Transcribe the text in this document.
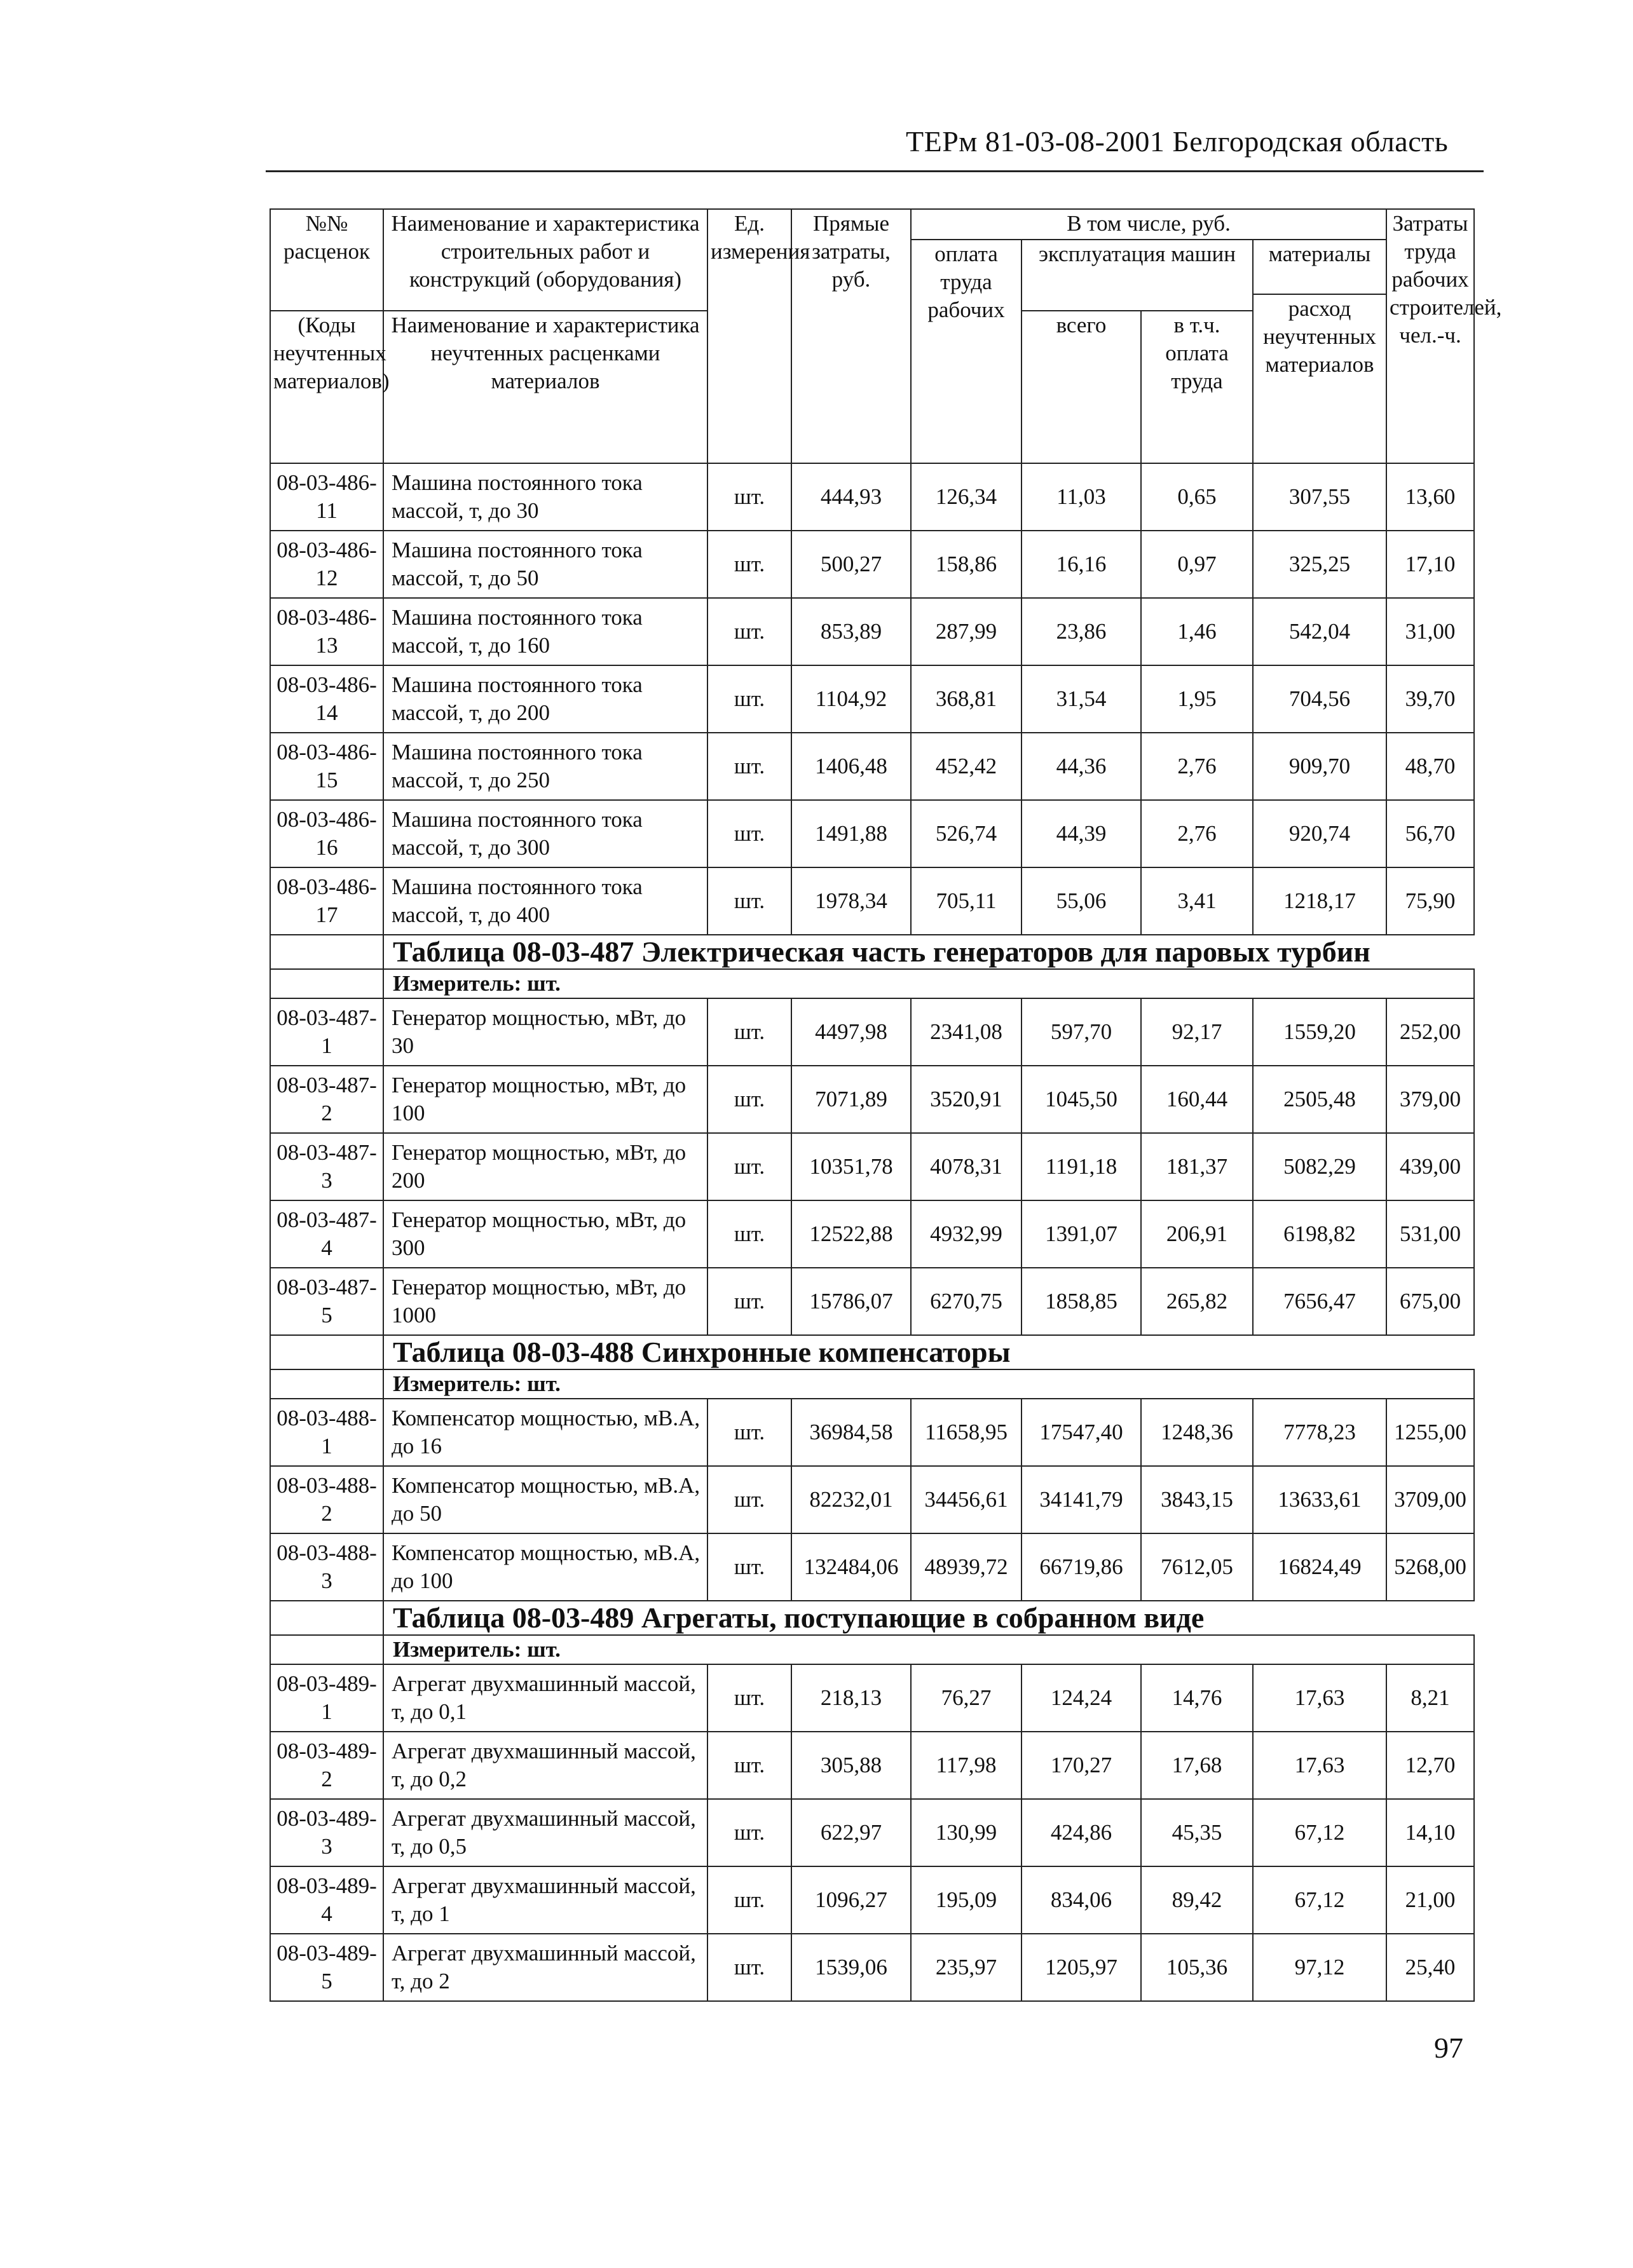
ТЕРм 81-03-08-2001 Белгородская область
№№ расценок	Наименование и характеристика строительных работ и конструкций (оборудования)	Ед. измерения	Прямые затраты, руб.	В том числе, руб.				Затраты труда рабочих строителей, чел.-ч.
				оплата труда рабочих	эксплуатация машин		материалы	
							расход неучтенных материалов	
(Коды неучтенных материалов)	Наименование и характеристика неучтенных расценками материалов				всего	в т.ч. оплата труда		

08-03-486-11	Машина постоянного тока массой, т, до 30	шт.	444,93	126,34	11,03	0,65	307,55	13,60
08-03-486-12	Машина постоянного тока массой, т, до 50	шт.	500,27	158,86	16,16	0,97	325,25	17,10
08-03-486-13	Машина постоянного тока массой, т, до 160	шт.	853,89	287,99	23,86	1,46	542,04	31,00
08-03-486-14	Машина постоянного тока массой, т, до 200	шт.	1104,92	368,81	31,54	1,95	704,56	39,70
08-03-486-15	Машина постоянного тока массой, т, до 250	шт.	1406,48	452,42	44,36	2,76	909,70	48,70
08-03-486-16	Машина постоянного тока массой, т, до 300	шт.	1491,88	526,74	44,39	2,76	920,74	56,70
08-03-486-17	Машина постоянного тока массой, т, до 400	шт.	1978,34	705,11	55,06	3,41	1218,17	75,90
	Таблица 08-03-487 Электрическая часть генераторов для паровых турбин							
	Измеритель: шт.							
08-03-487-1	Генератор мощностью, мВт, до 30	шт.	4497,98	2341,08	597,70	92,17	1559,20	252,00
08-03-487-2	Генератор мощностью, мВт, до 100	шт.	7071,89	3520,91	1045,50	160,44	2505,48	379,00
08-03-487-3	Генератор мощностью, мВт, до 200	шт.	10351,78	4078,31	1191,18	181,37	5082,29	439,00
08-03-487-4	Генератор мощностью, мВт, до 300	шт.	12522,88	4932,99	1391,07	206,91	6198,82	531,00
08-03-487-5	Генератор мощностью, мВт, до 1000	шт.	15786,07	6270,75	1858,85	265,82	7656,47	675,00
	Таблица 08-03-488 Синхронные компенсаторы							
	Измеритель: шт.							
08-03-488-1	Компенсатор мощностью, мВ.А, до 16	шт.	36984,58	11658,95	17547,40	1248,36	7778,23	1255,00
08-03-488-2	Компенсатор мощностью, мВ.А, до 50	шт.	82232,01	34456,61	34141,79	3843,15	13633,61	3709,00
08-03-488-3	Компенсатор мощностью, мВ.А, до 100	шт.	132484,06	48939,72	66719,86	7612,05	16824,49	5268,00
	Таблица 08-03-489 Агрегаты, поступающие в собранном виде							
	Измеритель: шт.							
08-03-489-1	Агрегат двухмашинный массой, т, до 0,1	шт.	218,13	76,27	124,24	14,76	17,63	8,21
08-03-489-2	Агрегат двухмашинный массой, т, до 0,2	шт.	305,88	117,98	170,27	17,68	17,63	12,70
08-03-489-3	Агрегат двухмашинный массой, т, до 0,5	шт.	622,97	130,99	424,86	45,35	67,12	14,10
08-03-489-4	Агрегат двухмашинный массой, т, до 1	шт.	1096,27	195,09	834,06	89,42	67,12	21,00
08-03-489-5	Агрегат двухмашинный массой, т, до 2	шт.	1539,06	235,97	1205,97	105,36	97,12	25,40
97
